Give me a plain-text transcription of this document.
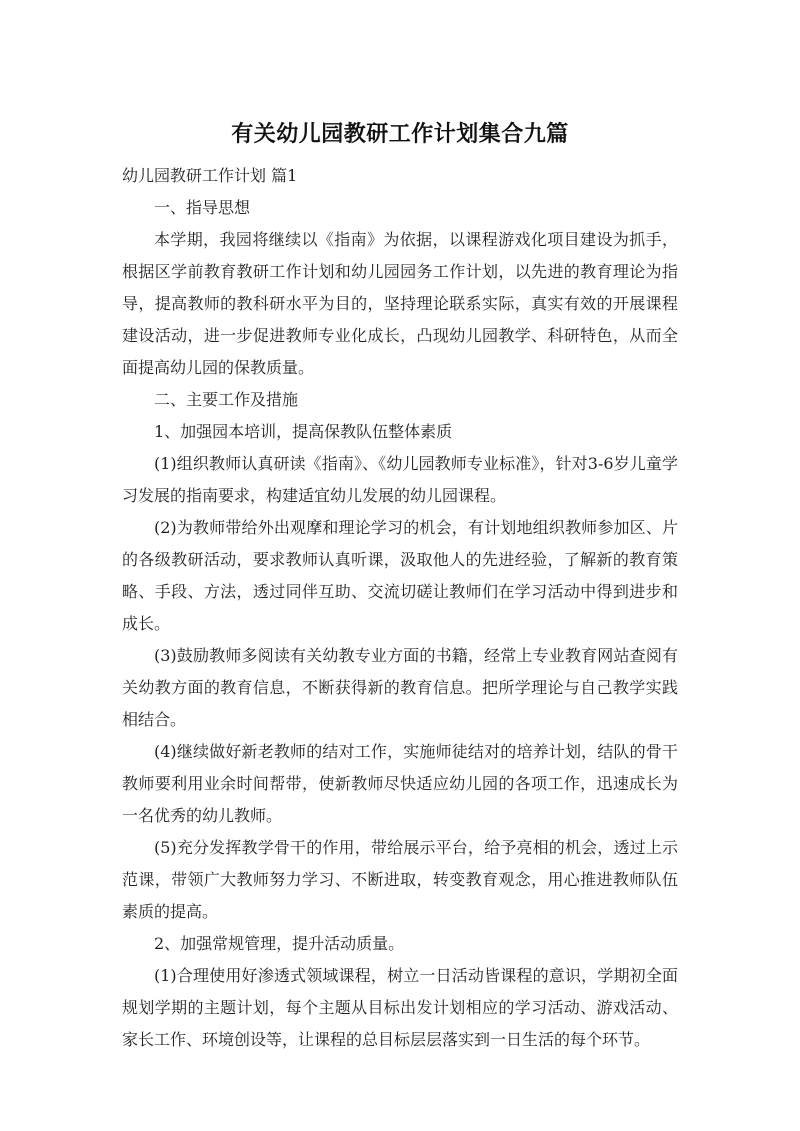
有关幼儿园教研工作计划集合九篇

幼儿园教研工作计划 篇1

一、指导思想

本学期，我园将继续以《指南》为依据，以课程游戏化项目建设为抓手，根据区学前教育教研工作计划和幼儿园园务工作计划，以先进的教育理论为指导，提高教师的教科研水平为目的，坚持理论联系实际，真实有效的开展课程建设活动，进一步促进教师专业化成长，凸现幼儿园教学、科研特色，从而全面提高幼儿园的保教质量。

二、主要工作及措施

1、加强园本培训，提高保教队伍整体素质

(1)组织教师认真研读《指南》、《幼儿园教师专业标准》，针对3-6岁儿童学习发展的指南要求，构建适宜幼儿发展的幼儿园课程。

(2)为教师带给外出观摩和理论学习的机会，有计划地组织教师参加区、片的各级教研活动，要求教师认真听课，汲取他人的先进经验，了解新的教育策略、手段、方法，透过同伴互助、交流切磋让教师们在学习活动中得到进步和成长。

(3)鼓励教师多阅读有关幼教专业方面的书籍，经常上专业教育网站查阅有关幼教方面的教育信息，不断获得新的教育信息。把所学理论与自己教学实践相结合。

(4)继续做好新老教师的结对工作，实施师徒结对的培养计划，结队的骨干教师要利用业余时间帮带，使新教师尽快适应幼儿园的各项工作，迅速成长为一名优秀的幼儿教师。

(5)充分发挥教学骨干的作用，带给展示平台，给予亮相的机会，透过上示范课，带领广大教师努力学习、不断进取，转变教育观念，用心推进教师队伍素质的提高。

2、加强常规管理，提升活动质量。

(1)合理使用好渗透式领域课程，树立一日活动皆课程的意识，学期初全面规划学期的主题计划，每个主题从目标出发计划相应的学习活动、游戏活动、家长工作、环境创设等，让课程的总目标层层落实到一日生活的每个环节。
